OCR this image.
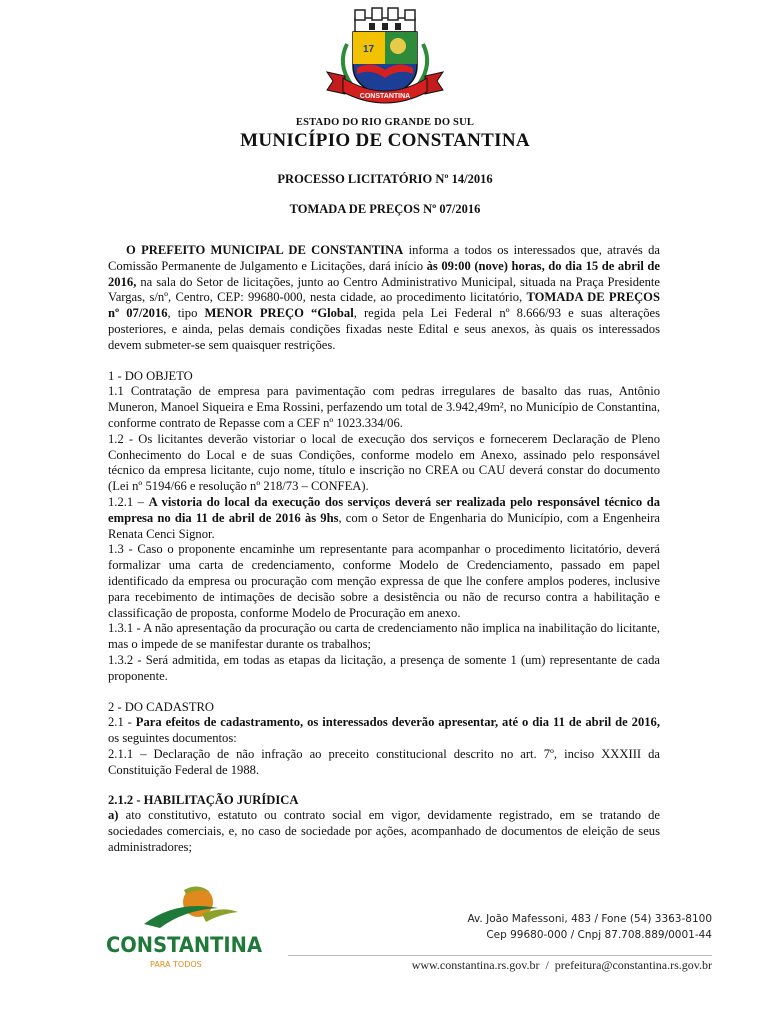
17
CONSTANTINA
ESTADO DO RIO GRANDE DO SUL
MUNICÍPIO DE CONSTANTINA
PROCESSO LICITATÓRIO Nº 14/2016
TOMADA DE PREÇOS Nº 07/2016

O PREFEITO MUNICIPAL DE CONSTANTINA informa a todos os interessados que, através da Comissão Permanente de Julgamento e Licitações, dará início às 09:00 (nove) horas, do dia 15 de abril de 2016, na sala do Setor de licitações, junto ao Centro Administrativo Municipal, situada na Praça Presidente Vargas, s/nº, Centro, CEP: 99680-000, nesta cidade, ao procedimento licitatório, TOMADA DE PREÇOS nº 07/2016, tipo MENOR PREÇO “Global, regida pela Lei Federal nº 8.666/93 e suas alterações posteriores, e ainda, pelas demais condições fixadas neste Edital e seus anexos, às quais os interessados devem submeter-se sem quaisquer restrições.

1 - DO OBJETO

1.1 Contratação de empresa para pavimentação com pedras irregulares de basalto das ruas, Antônio Muneron, Manoel Siqueira e Ema Rossini, perfazendo um total de 3.942,49m², no Município de Constantina, conforme contrato de Repasse com a CEF nº 1023.334/06.

1.2 - Os licitantes deverão vistoriar o local de execução dos serviços e fornecerem Declaração de Pleno Conhecimento do Local e de suas Condições, conforme modelo em Anexo, assinado pelo responsável técnico da empresa licitante, cujo nome, título e inscrição no CREA ou CAU deverá constar do documento (Lei nº 5194/66 e resolução nº 218/73 – CONFEA).

1.2.1 – A vistoria do local da execução dos serviços deverá ser realizada pelo responsável técnico da empresa no dia 11 de abril de 2016 às 9hs, com o Setor de Engenharia do Município, com a Engenheira Renata Cenci Signor.

1.3 - Caso o proponente encaminhe um representante para acompanhar o procedimento licitatório, deverá formalizar uma carta de credenciamento, conforme Modelo de Credenciamento, passado em papel identificado da empresa ou procuração com menção expressa de que lhe confere amplos poderes, inclusive para recebimento de intimações de decisão sobre a desistência ou não de recurso contra a habilitação e classificação de proposta, conforme Modelo de Procuração em anexo.

1.3.1 - A não apresentação da procuração ou carta de credenciamento não implica na inabilitação do licitante, mas o impede de se manifestar durante os trabalhos;

1.3.2 - Será admitida, em todas as etapas da licitação, a presença de somente 1 (um) representante de cada proponente.

2 - DO CADASTRO

2.1 - Para efeitos de cadastramento, os interessados deverão apresentar, até o dia 11 de abril de 2016, os seguintes documentos:

2.1.1 – Declaração de não infração ao preceito constitucional descrito no art. 7º, inciso XXXIII da Constituição Federal de 1988.

2.1.2 - HABILITAÇÃO JURÍDICA

a) ato constitutivo, estatuto ou contrato social em vigor, devidamente registrado, em se tratando de sociedades comerciais, e, no caso de sociedade por ações, acompanhado de documentos de eleição de seus administradores;

CONSTANTINA
PARA TODOS
Av. João Mafessoni, 483 / Fone (54) 3363-8100
Cep 99680-000 / Cnpj 87.708.889/0001-44
www.constantina.rs.gov.br  /  prefeitura@constantina.rs.gov.br
